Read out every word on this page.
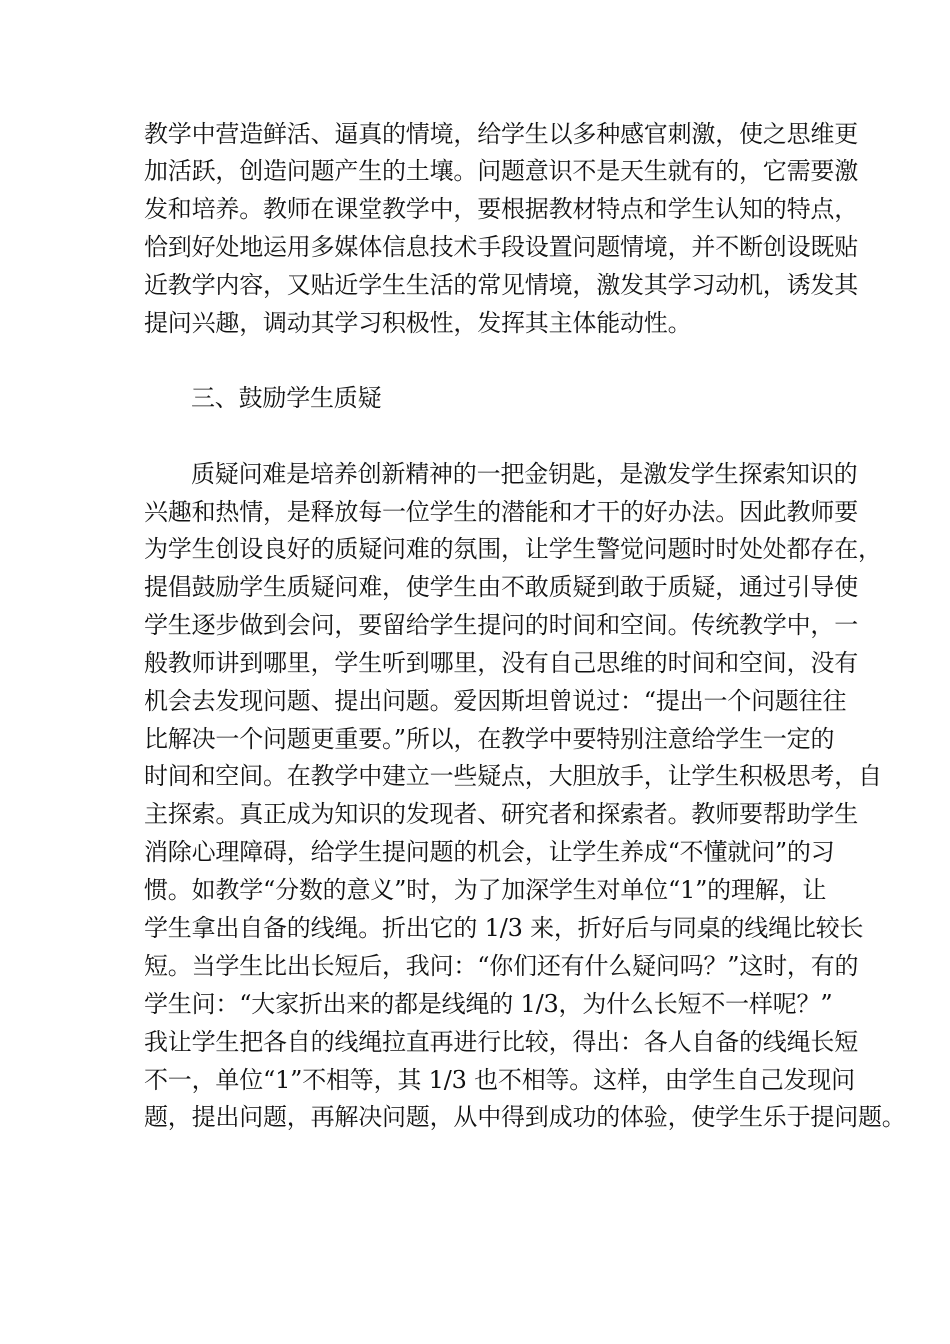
教学中营造鲜活、逼真的情境，给学生以多种感官刺激，使之思维更
加活跃，创造问题产生的土壤。问题意识不是天生就有的，它需要激
发和培养。教师在课堂教学中，要根据教材特点和学生认知的特点，
恰到好处地运用多媒体信息技术手段设置问题情境，并不断创设既贴
近教学内容，又贴近学生生活的常见情境，激发其学习动机，诱发其
提问兴趣，调动其学习积极性，发挥其主体能动性。
三、鼓励学生质疑
质疑问难是培养创新精神的一把金钥匙，是激发学生探索知识的
兴趣和热情，是释放每一位学生的潜能和才干的好办法。因此教师要
为学生创设良好的质疑问难的氛围，让学生警觉问题时时处处都存在，
提倡鼓励学生质疑问难，使学生由不敢质疑到敢于质疑，通过引导使
学生逐步做到会问，要留给学生提问的时间和空间。传统教学中，一
般教师讲到哪里，学生听到哪里，没有自己思维的时间和空间，没有
机会去发现问题、提出问题。爱因斯坦曾说过：“提出一个问题往往
比解决一个问题更重要。”所以，在教学中要特别注意给学生一定的
时间和空间。在教学中建立一些疑点，大胆放手，让学生积极思考，自
主探索。真正成为知识的发现者、研究者和探索者。教师要帮助学生
消除心理障碍，给学生提问题的机会，让学生养成“不懂就问”的习
惯。如教学“分数的意义”时，为了加深学生对单位“1”的理解，让
学生拿出自备的线绳。折出它的 1/3 来，折好后与同桌的线绳比较长
短。当学生比出长短后，我问：“你们还有什么疑问吗？”这时，有的
学生问：“大家折出来的都是线绳的 1/3，为什么长短不一样呢？”
我让学生把各自的线绳拉直再进行比较，得出：各人自备的线绳长短
不一，单位“1”不相等，其 1/3 也不相等。这样，由学生自己发现问
题，提出问题，再解决问题，从中得到成功的体验，使学生乐于提问题。
